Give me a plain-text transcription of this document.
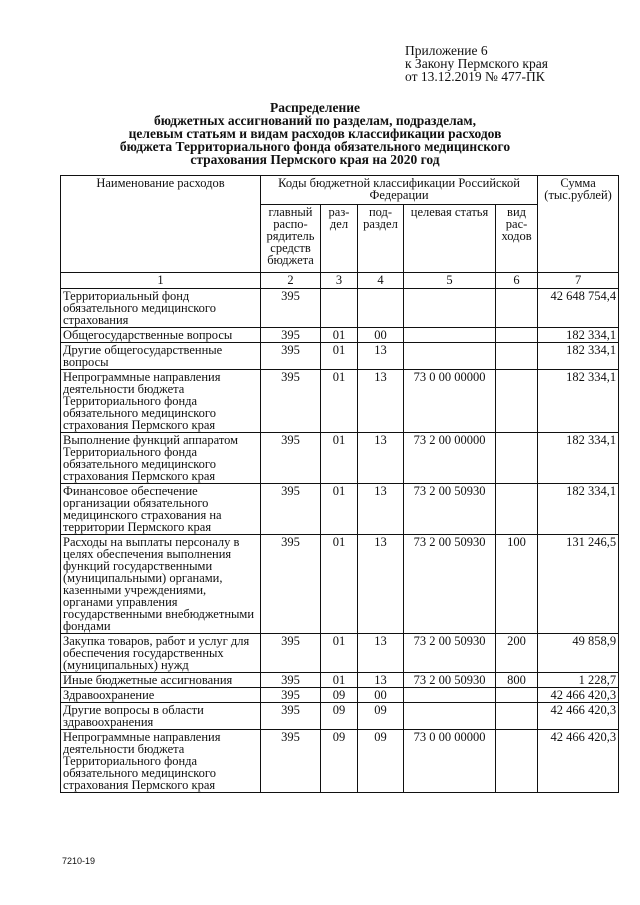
Приложение 6
к Закону Пермского края
от 13.12.2019 № 477-ПК
Распределение
бюджетных ассигнований по разделам, подразделам,
целевым статьям и видам расходов классификации расходов
бюджета Территориального фонда обязательного медицинского
страхования Пермского края на 2020 год
Наименование расходов	Коды бюджетной классификации Российской Федерации					Сумма (тыс.рублей)
	главный распо-рядитель средств бюджета	раз-дел	под-раздел	целевая статья	вид рас-ходов	
1	2	3	4	5	6	7
Территориальный фонд обязательного медицинского страхования	395					42 648 754,4
Общегосударственные вопросы	395	01	00			182 334,1
Другие общегосударственные вопросы	395	01	13			182 334,1
Непрограммные направления деятельности бюджета Территориального фонда обязательного медицинского страхования Пермского края	395	01	13	73 0 00 00000		182 334,1
Выполнение функций аппаратом Территориального фонда обязательного медицинского страхования Пермского края	395	01	13	73 2 00 00000		182 334,1
Финансовое обеспечение организации обязательного медицинского страхования на территории Пермского края	395	01	13	73 2 00 50930		182 334,1
Расходы на выплаты персоналу в целях обеспечения выполнения функций государственными (муниципальными) органами, казенными учреждениями, органами управления государственными внебюджетными фондами	395	01	13	73 2 00 50930	100	131 246,5
Закупка товаров, работ и услуг для обеспечения государственных (муниципальных) нужд	395	01	13	73 2 00 50930	200	49 858,9
Иные бюджетные ассигнования	395	01	13	73 2 00 50930	800	1 228,7
Здравоохранение	395	09	00			42 466 420,3
Другие вопросы в области здравоохранения	395	09	09			42 466 420,3
Непрограммные направления деятельности бюджета Территориального фонда обязательного медицинского страхования Пермского края	395	09	09	73 0 00 00000		42 466 420,3
7210-19
